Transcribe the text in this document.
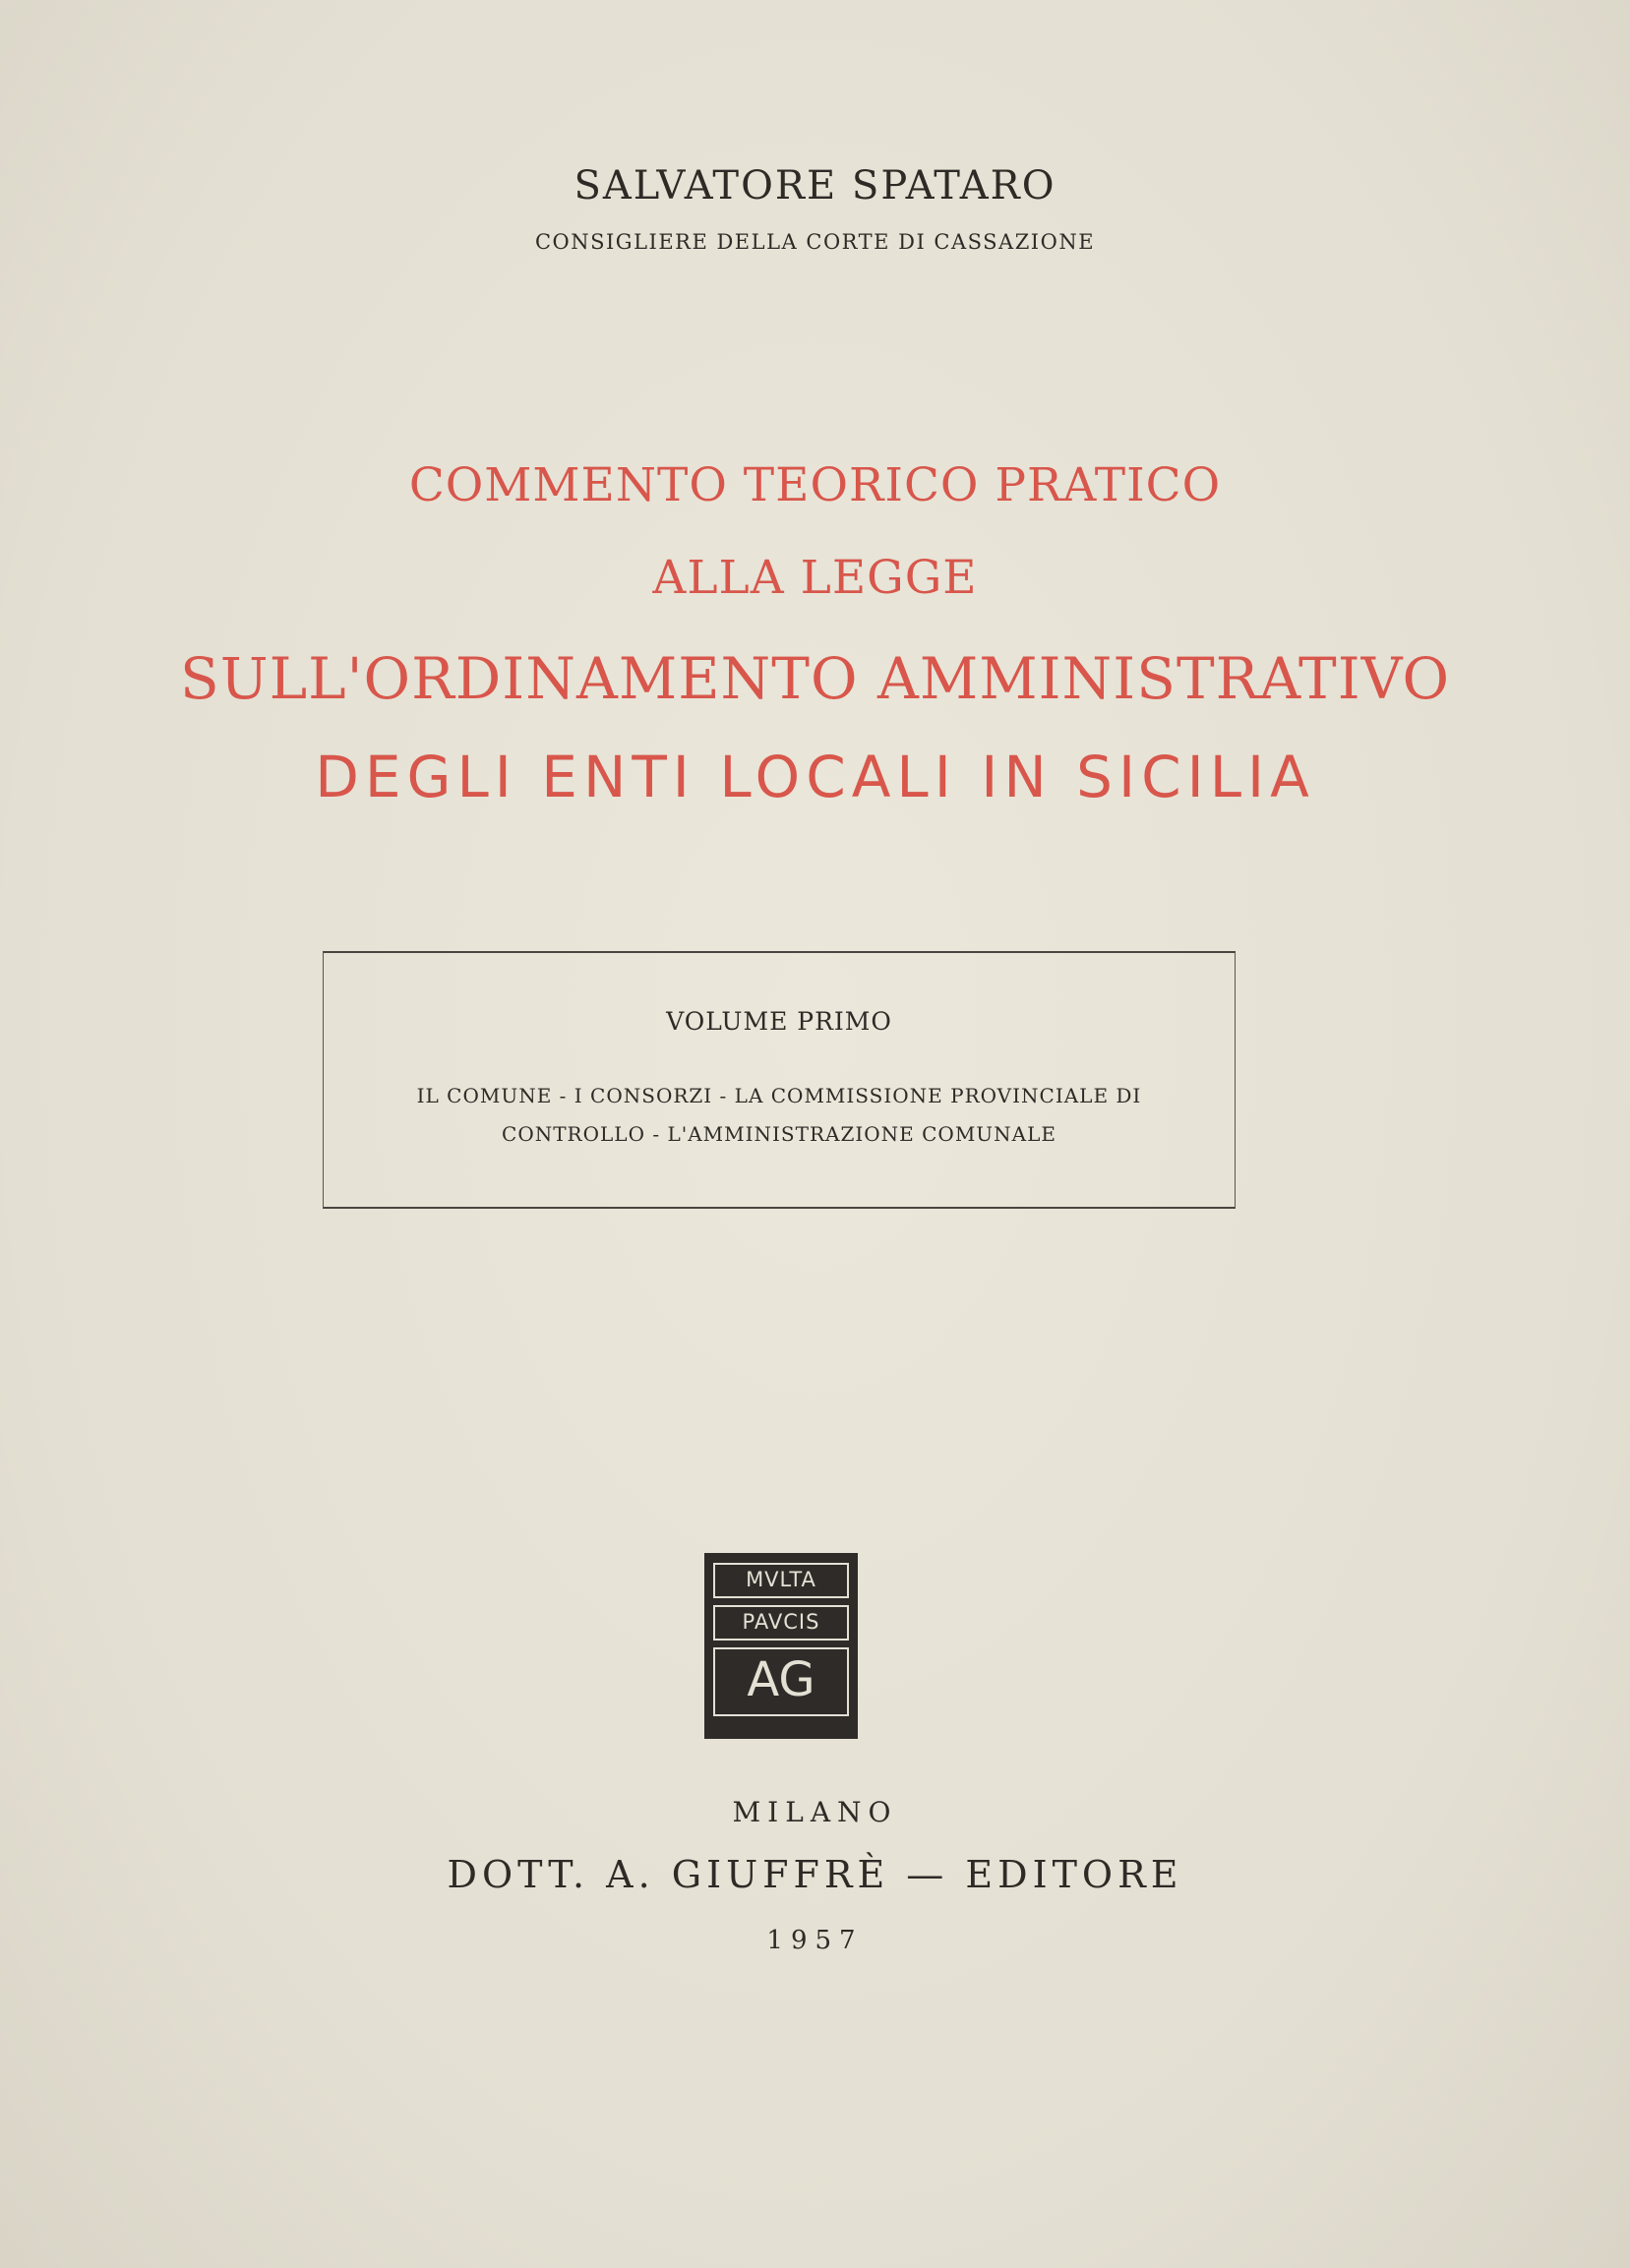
SALVATORE SPATARO
CONSIGLIERE DELLA CORTE DI CASSAZIONE
COMMENTO TEORICO PRATICO
ALLA LEGGE
SULL'ORDINAMENTO AMMINISTRATIVO
DEGLI ENTI LOCALI IN SICILIA
VOLUME PRIMO
IL COMUNE - I CONSORZI - LA COMMISSIONE PROVINCIALE DI
CONTROLLO - L'AMMINISTRAZIONE COMUNALE
MVLTA
PAVCIS
AG
MILANO
DOTT. A. GIUFFRÈ — EDITORE
1957
